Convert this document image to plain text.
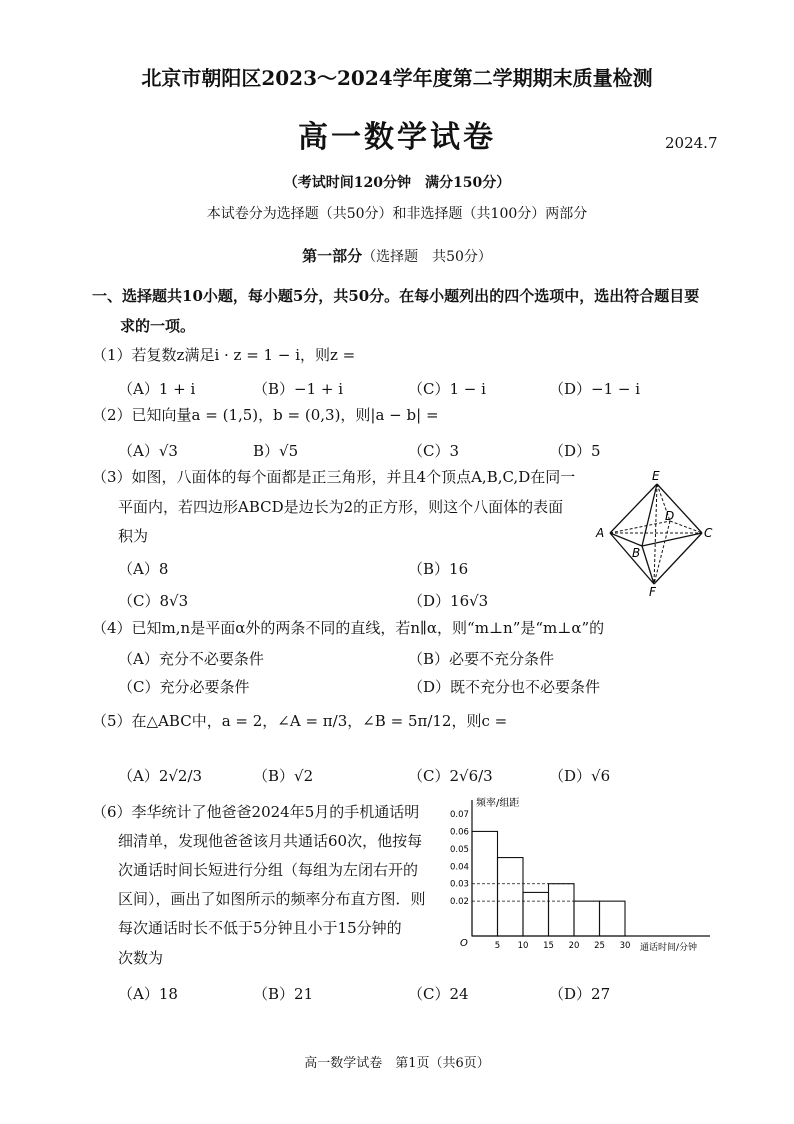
北京市朝阳区2023～2024学年度第二学期期末质量检测
高一数学试卷	2024.7
（考试时间120分钟　满分150分）
本试卷分为选择题（共50分）和非选择题（共100分）两部分
第一部分（选择题　共50分）
一、选择题共10小题，每小题5分，共50分。在每小题列出的四个选项中，选出符合题目要
求的一项。
（1）若复数z满足i · z = 1 − i，则z =
（A）1 + i	（B）−1 + i	（C）1 − i	（D）−1 − i
（2）已知向量a = (1,5)，b = (0,3)，则|a − b| =
（A）√3	B）√5	（C）3	（D）5
（3）如图，八面体的每个面都是正三角形，并且4个顶点A,B,C,D在同一
平面内，若四边形ABCD是边长为2的正方形，则这个八面体的表面
积为
（A）8	（B）16
（C）8√3	（D）16√3
E
D
A	C
B
F
（4）已知m,n是平面α外的两条不同的直线，若n∥α，则“m⊥n”是“m⊥α”的
（A）充分不必要条件	（B）必要不充分条件
（C）充分必要条件	（D）既不充分也不必要条件
（5）在△ABC中，a = 2，∠A = π/3，∠B = 5π/12，则c =
（A）2√2/3	（B）√2	（C）2√6/3	（D）√6
（6）李华统计了他爸爸2024年5月的手机通话明
细清单，发现他爸爸该月共通话60次，他按每
次通话时间长短进行分组（每组为左闭右开的
区间），画出了如图所示的频率分布直方图．则
每次通话时长不低于5分钟且小于15分钟的
次数为
（A）18	（B）21	（C）24	（D）27
0.02
0.03
0.04
0.05
0.06
0.07
5 10 15 20 25 30
频率/组距
通话时间/分钟
O
高一数学试卷　第1页（共6页）
